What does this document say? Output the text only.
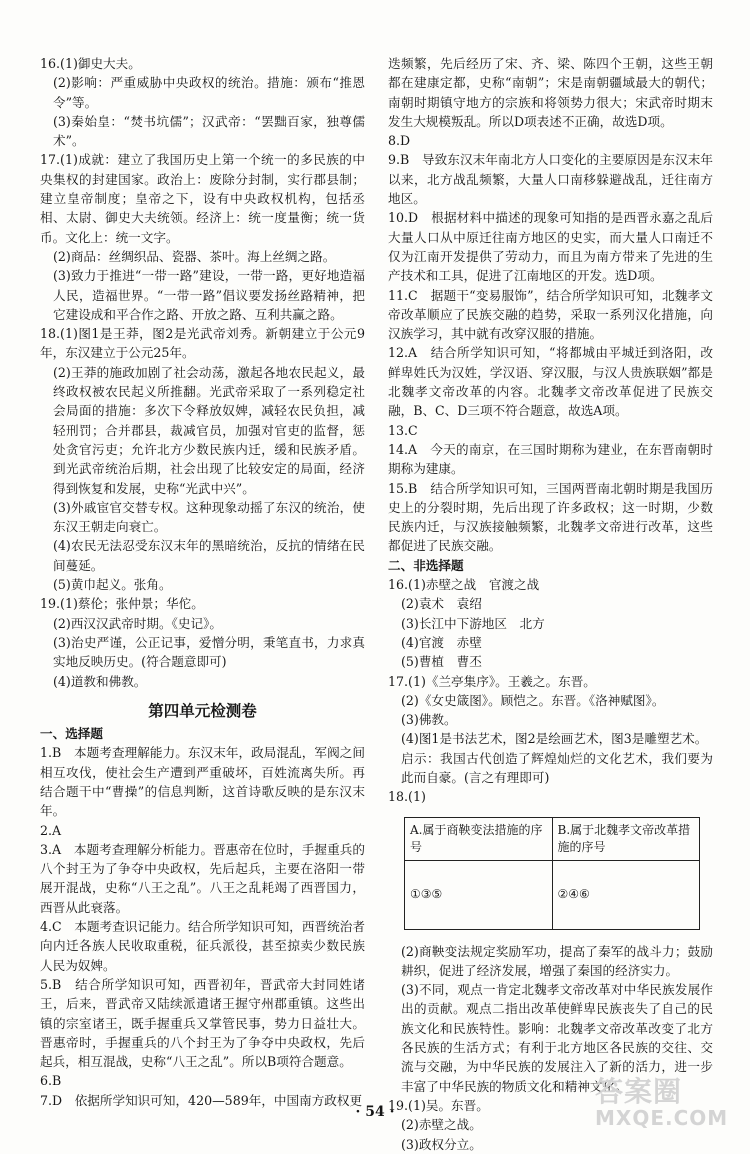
16.(1)御史大夫。
(2)影响：严重威胁中央政权的统治。措施：颁布“推恩令”等。
(3)秦始皇：“焚书坑儒”；汉武帝：“罢黜百家，独尊儒术”。
17.(1)成就：建立了我国历史上第一个统一的多民族的中央集权的封建国家。政治上：废除分封制，实行郡县制；建立皇帝制度；皇帝之下，设有中央政权机构，包括丞相、太尉、御史大夫统领。经济上：统一度量衡；统一货币。文化上：统一文字。
(2)商品：丝绸织品、瓷器、茶叶。海上丝绸之路。
(3)致力于推进“一带一路”建设，一带一路，更好地造福人民，造福世界。“一带一路”倡议要发扬丝路精神，把它建设成和平合作之路、开放之路、互利共赢之路。
18.(1)图1是王莽，图2是光武帝刘秀。新朝建立于公元9年，东汉建立于公元25年。
(2)王莽的施政加剧了社会动荡，激起各地农民起义，最终政权被农民起义所推翻。光武帝采取了一系列稳定社会局面的措施：多次下令释放奴婢，减轻农民负担，减轻刑罚；合并郡县，裁减官员，加强对官吏的监督，惩处贪官污吏；允许北方少数民族内迁，缓和民族矛盾。到光武帝统治后期，社会出现了比较安定的局面，经济得到恢复和发展，史称“光武中兴”。
(3)外戚宦官交替专权。这种现象动摇了东汉的统治，使东汉王朝走向衰亡。
(4)农民无法忍受东汉末年的黑暗统治，反抗的情绪在民间蔓延。
(5)黄巾起义。张角。
19.(1)蔡伦；张仲景；华佗。
(2)西汉汉武帝时期。《史记》。
(3)治史严谨，公正记事，爱憎分明，秉笔直书，力求真实地反映历史。(符合题意即可)
(4)道教和佛教。
第四单元检测卷
一、选择题
1.B　本题考查理解能力。东汉末年，政局混乱，军阀之间相互攻伐，使社会生产遭到严重破坏，百姓流离失所。再结合题干中“曹操”的信息判断，这首诗歌反映的是东汉末年。
2.A
3.A　本题考查理解分析能力。晋惠帝在位时，手握重兵的八个封王为了争夺中央政权，先后起兵，主要在洛阳一带展开混战，史称“八王之乱”。八王之乱耗竭了西晋国力，西晋从此衰落。
4.C　本题考查识记能力。结合所学知识可知，西晋统治者向内迁各族人民收取重税，征兵派役，甚至掠卖少数民族人民为奴婢。
5.B　结合所学知识可知，西晋初年，晋武帝大封同姓诸王，后来，晋武帝又陆续派遣诸王握守州郡重镇。这些出镇的宗室诸王，既手握重兵又掌管民事，势力日益壮大。晋惠帝时，手握重兵的八个封王为了争夺中央政权，先后起兵，相互混战，史称“八王之乱”。所以B项符合题意。
6.B
7.D　依据所学知识可知，420—589年，中国南方政权更
迭频繁，先后经历了宋、齐、梁、陈四个王朝，这些王朝都在建康定都，史称“南朝”；宋是南朝疆域最大的朝代；南朝时期镇守地方的宗族和将领势力很大；宋武帝时期末发生大规模叛乱。所以D项表述不正确，故选D项。
8.D
9.B　导致东汉末年南北方人口变化的主要原因是东汉末年以来，北方战乱频繁，大量人口南移躲避战乱，迁往南方地区。
10.D　根据材料中描述的现象可知指的是西晋永嘉之乱后大量人口从中原迁往南方地区的史实，而大量人口南迁不仅为江南开发提供了劳动力，而且为南方带来了先进的生产技术和工具，促进了江南地区的开发。选D项。
11.C　据题干“变易服饰”，结合所学知识可知，北魏孝文帝改革顺应了民族交融的趋势，采取一系列汉化措施，向汉族学习，其中就有改穿汉服的措施。
12.A　结合所学知识可知，“将都城由平城迁到洛阳，改鲜卑姓氏为汉姓，学汉语、穿汉服，与汉人贵族联姻”都是北魏孝文帝改革的内容。北魏孝文帝改革促进了民族交融，B、C、D三项不符合题意，故选A项。
13.C
14.A　今天的南京，在三国时期称为建业，在东晋南朝时期称为建康。
15.B　结合所学知识可知，三国两晋南北朝时期是我国历史上的分裂时期，先后出现了许多政权；这一时期，少数民族内迁，与汉族接触频繁，北魏孝文帝进行改革，这些都促进了民族交融。
二、非选择题
16.(1)赤壁之战　官渡之战
(2)袁术　袁绍
(3)长江中下游地区　北方
(4)官渡　赤壁
(5)曹植　曹丕
17.(1)《兰亭集序》。王羲之。东晋。
(2)《女史箴图》。顾恺之。东晋。《洛神赋图》。
(3)佛教。
(4)图1是书法艺术，图2是绘画艺术，图3是雕塑艺术。
启示：我国古代创造了辉煌灿烂的文化艺术，我们要为此而自豪。(言之有理即可)
18.(1)
A.属于商鞅变法措施的序号	B.属于北魏孝文帝改革措施的序号
①③⑤	②④⑥
(2)商鞅变法规定奖励军功，提高了秦军的战斗力；鼓励耕织，促进了经济发展，增强了秦国的经济实力。
(3)不同，观点一肯定北魏孝文帝改革对中华民族发展作出的贡献。观点二指出改革使鲜卑民族丧失了自己的民族文化和民族特性。影响：北魏孝文帝改革改变了北方各民族的生活方式；有利于北方地区各民族的交往、交流与交融，为中华民族的发展注入了新的活力，进一步丰富了中华民族的物质文化和精神文化。
19.(1)吴。东晋。
(2)赤壁之战。
(3)政权分立。
· 54 ·
答案圈
MXQE.COM
